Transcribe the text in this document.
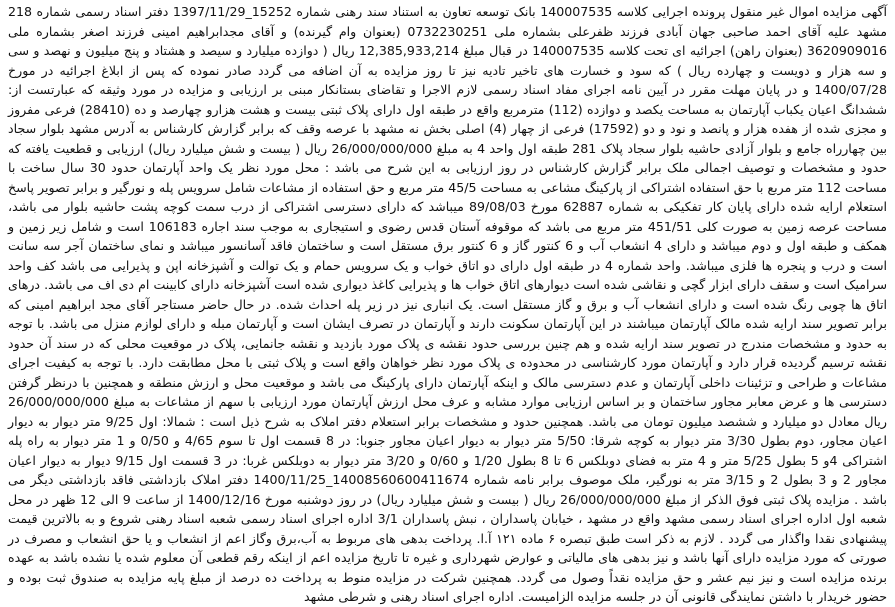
آگهی مزایده اموال غیر منقول پرونده اجرایی کلاسه 140007535 بانک توسعه تعاون به استناد سند رهنی شماره 15252_1397/11/29 دفتر اسناد رسمی شماره 218 مشهد علیه آقای احمد صاحبی جهان آبادی فرزند ظفرعلی بشماره ملی 0732230251 (بعنوان وام گیرنده) و آقای مجدابراهیم امینی فرزند اصغر بشماره ملی 3620909016 (بعنوان راهن) اجرائیه ای تحت کلاسه 140007535 در قبال مبلغ 12,385,933,214 ریال ( دوازده میلیارد و سیصد و هشتاد و پنج میلیون و نهصد و سی و سه هزار و دویست و چهارده ریال ) که سود و خسارت های تاخیر تادیه نیز تا روز مزایده به آن اضافه می گردد صادر نموده که پس از ابلاغ اجرائیه در مورخ 1400/07/28 و در پایان مهلت مقرر در آیین نامه اجرای مفاد اسناد رسمی لازم الاجرا و تقاضای بستانکار مبنی بر ارزیابی و مزایده در مورد وثیقه که عبارتست از: ششدانگ اعیان یکباب آپارتمان به مساحت یکصد و دوازده (112) مترمربع واقع در طبقه اول دارای پلاک ثبتی بیست و هشت هزارو چهارصد و ده (28410) فرعی مفروز و مجزی شده از هفده هزار و پانصد و نود و دو (17592) فرعی از چهار (4) اصلی بخش نه مشهد با عرصه وقف که برابر گزارش کارشناس به آدرس مشهد بلوار سجاد بین چهارراه جامع و بلوار آزادی حاشیه بلوار سجاد پلاک 281 طبقه اول واحد 4 به مبلغ 26/000/000/000 ریال ( بیست و شش میلیارد ریال) ارزیابی و قطعیت یافته که حدود و مشخصات و توصیف اجمالی ملک برابر گزارش کارشناس در روز ارزیابی به این شرح می باشد : محل مورد نظر یک واحد آپارتمان حدود 30 سال ساخت با مساحت 112 متر مربع با حق استفاده اشتراکی از پارکینگ مشاعی به مساحت 45/5 متر مربع و حق استفاده از مشاعات شامل سرویس پله و نورگیر و برابر تصویر پاسخ استعلام ارایه شده دارای پایان کار تفکیکی به شماره 62887 مورخ 89/08/03 میباشد که دارای دسترسی اشتراکی از درب سمت کوچه پشت حاشیه بلوار می باشد، مساحت عرصه زمین به صورت کلی 451/51 متر مربع می باشد که موقوفه آستان قدس رضوی و استیجاری به موجب سند اجاره 106183 است و شامل زیر زمین و همکف و طبقه اول و دوم میباشد و دارای 4 انشعاب آب و 6 کنتور گاز و 6 کنتور برق مستقل است و ساختمان فاقد آسانسور میباشد و نمای ساختمان آجر سه سانت است و درب و پنجره ها فلزی میباشد. واحد شماره 4 در طبقه اول دارای دو اتاق خواب و یک سرویس حمام و یک توالت و آشپزخانه اپن و پذیرایی می باشد کف واحد سرامیک است و سقف دارای ابزار گچی و نقاشی شده است دیوارهای اتاق خواب ها و پذیرایی کاغذ دیواری شده است آشپزخانه دارای کابینت ام دی اف می باشد. درهای اتاق ها چوبی رنگ شده است و دارای انشعاب آب و برق و گاز مستقل است. یک انباری نیز در زیر پله احداث شده. در حال حاضر مستاجر آقای مجد ابراهیم امینی که برابر تصویر سند ارایه شده مالک آپارتمان میباشند در این آپارتمان سکونت دارند و آپارتمان در تصرف ایشان است و آپارتمان مبله و دارای لوازم منزل می باشد. با توجه به حدود و مشخصات مندرج در تصویر سند ارایه شده و هم چنین بررسی حدود نقشه ی پلاک مورد بازدید و نقشه جانمایی، پلاک در موقعیت محلی که در سند آن حدود نقشه ترسیم گردیده قرار دارد و آپارتمان مورد کارشناسی در محدوده ی پلاک مورد نظر خواهان واقع است و پلاک ثبتی با محل مطابقت دارد. با توجه به کیفیت اجرای مشاعات و طراحی و تزئینات داخلی آپارتمان و عدم دسترسی مالک و اینکه آپارتمان دارای پارکینگ می باشد و موقعیت محل و ارزش منطقه و همچنین با درنظر گرفتن دسترسی ها و عرض معابر مجاور ساختمان و بر اساس ارزیابی موارد مشابه و عرف محل ارزش آپارتمان مورد ارزیابی با سهم از مشاعات به مبلغ 26/000/000/000 ریال معادل دو میلیارد و ششصد میلیون تومان می باشد. همچنین حدود و مشخصات برابر استعلام دفتر املاک به شرح ذیل است : شمالا: اول 9/25 متر دیوار به دیوار اعیان مجاور، دوم بطول 3/30 متر دیوار به کوچه شرقا: 5/50 متر دیوار به دیوار اعیان مجاور جنوبا: در 8 قسمت اول تا سوم 4/65 و 0/50 و 1 متر دیوار به راه پله اشتراکی 4و 5 بطول 5/25 متر و 4 متر به فضای دوبلکس 6 تا 8 بطول 1/20 و 0/60 و 3/20 متر دیوار به دوبلکس غربا: در 3 قسمت اول 9/15 دیوار به دیوار اعیان مجاور 2 و 3 بطول 2 و 3/15 متر به نورگیر، ملک موصوف برابر نامه شماره 14008560600411674_1400/11/25 دفتر املاک بازداشتی فاقد بازداشتی دیگر می باشد . مزایده پلاک ثبتی فوق الذکر از مبلغ 26/000/000/000 ریال ( بیست و شش میلیارد ریال) در روز دوشنبه مورخ 1400/12/16 از ساعت 9 الی 12 ظهر در محل شعبه اول اداره اجرای اسناد رسمی مشهد واقع در مشهد ، خیابان پاسداران ، نبش پاسداران 3/1 اداره اجرای اسناد رسمی شعبه اسناد رهنی شروع و به بالاترین قیمت پیشنهادی نقدا واگذار می گردد . لازم به ذکر است طبق تبصره ۶ ماده ۱۲۱ آ.ا. پرداخت بدهی های مربوط به آب،برق وگاز اعم از انشعاب و یا حق انشعاب و مصرف در صورتی که مورد مزایده دارای آنها باشد و نیز بدهی های مالیاتی و عوارض شهرداری و غیره تا تاریخ مزایده اعم از اینکه رقم قطعی آن معلوم شده یا نشده باشد به عهده برنده مزایده است و نیز نیم عشر و حق مزایده نقداً وصول می گردد. همچنین شرکت در مزایده منوط به پرداخت ده درصد از مبلغ پایه مزایده به صندوق ثبت بوده و حضور خریدار با داشتن نمایندگی قانونی آن در جلسه مزایده الزامیست. اداره اجرای اسناد رهنی و شرطی مشهد
